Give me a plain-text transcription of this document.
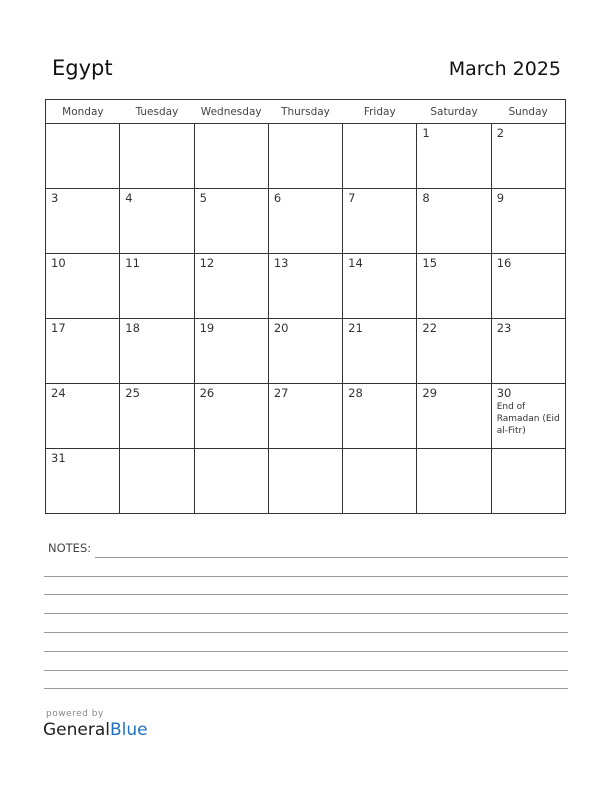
Egypt	March 2025
Monday	Tuesday	Wednesday	Thursday	Friday	Saturday	Sunday

					1	2

3	4	5	6	7	8	9

10	11	12	13	14	15	16

17	18	19	20	21	22	23

24	25	26	27	28	29	30
End of Ramadan (Eid al-Fitr)

31						

NOTES:
powered by
GeneralBlue
